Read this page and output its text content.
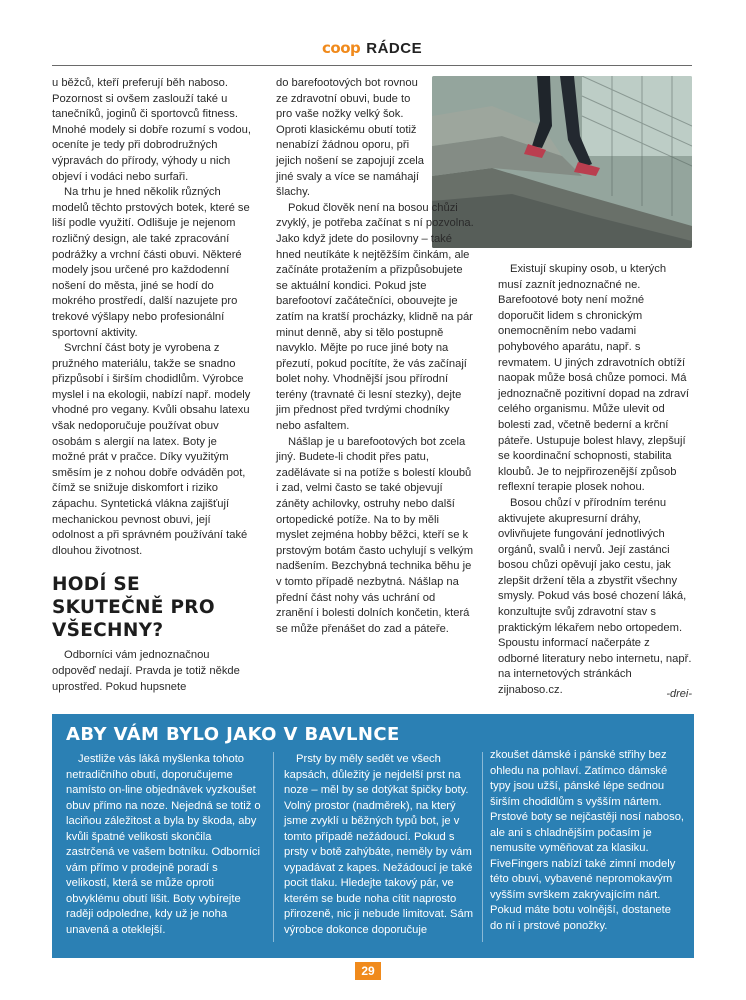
coop RÁDCE

u běžců, kteří preferují běh naboso. Pozornost si ovšem zaslouží také u tanečníků, joginů či sportovců fitness. Mnohé modely si dobře rozumí s vodou, oceníte je tedy při dobrodružných výpravách do přírody, výhody u nich objeví i vodáci nebo surfaři.

Na trhu je hned několik různých modelů těchto prstových botek, které se liší podle využití. Odlišuje je nejenom rozličný design, ale také zpracování podrážky a vrchní části obuvi. Některé modely jsou určené pro každodenní nošení do města, jiné se hodí do mokrého prostředí, další nazujete pro trekové výšlapy nebo profesionální sportovní aktivity.

Svrchní část boty je vyrobena z pružného materiálu, takže se snadno přizpůsobí i širším chodidlům. Výrobce myslel i na ekologii, nabízí např. modely vhodné pro vegany. Kvůli obsahu latexu však nedoporučuje používat obuv osobám s alergií na latex. Boty je možné prát v pračce. Díky využitým směsím je z nohou dobře odváděn pot, čímž se snižuje diskomfort i riziko zápachu. Syntetická vlákna zajišťují mechanickou pevnost obuvi, její odolnost a při správném používání také dlouhou životnost.

HODÍ SE SKUTEČNĚ PRO VŠECHNY?

Odborníci vám jednoznačnou odpověď nedají. Pravda je totiž někde uprostřed. Pokud hupsnete

do barefootových bot rovnou ze zdravotní obuvi, bude to pro vaše nožky velký šok. Oproti klasickému obutí totiž nenabízí žádnou oporu, při jejich nošení se zapojují zcela jiné svaly a více se namáhají šlachy.

Pokud člověk není na bosou chůzi zvyklý, je potřeba začínat s ní pozvolna. Jako když jdete do posilovny – také hned neutíkáte k nejtěžším činkám, ale začínáte protažením a přizpůsobujete se aktuální kondici. Pokud jste barefootoví začátečníci, obouvejte je zatím na kratší procházky, klidně na pár minut denně, aby si tělo postupně navyklo. Mějte po ruce jiné boty na přezutí, pokud pocítíte, že vás začínají bolet nohy. Vhodnější jsou přírodní terény (travnaté či lesní stezky), dejte jim přednost před tvrdými chodníky nebo asfaltem.

Nášlap je u barefootových bot zcela jiný. Budete-li chodit přes patu, zadělávate si na potíže s bolestí kloubů i zad, velmi často se také objevují záněty achilovky, ostruhy nebo další ortopedické potíže. Na to by měli myslet zejména hobby běžci, kteří se k prstovým botám často uchylují s velkým nadšením. Bezchybná technika běhu je v tomto případě nezbytná. Nášlap na přední část nohy vás uchrání od zranění i bolesti dolních končetin, která se může přenášet do zad a páteře.

Existují skupiny osob, u kterých musí zaznít jednoznačné ne. Barefootové boty není možné doporučit lidem s chronickým onemocněním nebo vadami pohybového aparátu, např. s revmatem. U jiných zdravotních obtíží naopak může bosá chůze pomoci. Má jednoznačně pozitivní dopad na zdraví celého organismu. Může ulevit od bolesti zad, včetně bederní a krční páteře. Ustupuje bolest hlavy, zlepšují se koordinační schopnosti, stabilita kloubů. Je to nejpřirozenější způsob reflexní terapie plosek nohou.

Bosou chůzí v přírodním terénu aktivujete akupresurní dráhy, ovlivňujete fungování jednotlivých orgánů, svalů i nervů. Její zastánci bosou chůzi opěvují jako cestu, jak zlepšit držení těla a zbystřit všechny smysly. Pokud vás bosé chození láká, konzultujte svůj zdravotní stav s praktickým lékařem nebo ortopedem. Spoustu informací načerpáte z odborné literatury nebo internetu, např. na internetových stránkách zijnaboso.cz.	-drei-
ABY VÁM BYLO JAKO V BAVLNCE

Jestliže vás láká myšlenka tohoto netradičního obutí, doporučujeme namísto on-line objednávek vyzkoušet obuv přímo na noze. Nejedná se totiž o laciňou záležitost a byla by škoda, aby kvůli špatné velikosti skončila zastrčená ve vašem botníku. Odborníci vám přímo v prodejně poradí s velikostí, která se může oproti obvyklému obutí lišit. Boty vybírejte raději odpoledne, kdy už je noha unavená a oteklejší.

Prsty by měly sedět ve všech kapsách, důležitý je nejdelší prst na noze – měl by se dotýkat špičky boty. Volný prostor (nadměrek), na který jsme zvyklí u běžných typů bot, je v tomto případě nežádoucí. Pokud s prsty v botě zahýbáte, neměly by vám vypadávat z kapes. Nežádoucí je také pocit tlaku. Hledejte takový pár, ve kterém se bude noha cítit naprosto přirozeně, nic ji nebude limitovat. Sám výrobce dokonce doporučuje

zkoušet dámské i pánské střihy bez ohledu na pohlaví. Zatímco dámské typy jsou užší, pánské lépe sednou širším chodidlům s vyšším nártem. Prstové boty se nejčastěji nosí naboso, ale ani s chladnějším počasím je nemusíte vyměňovat za klasiku. FiveFingers nabízí také zimní modely této obuvi, vybavené nepromokavým vyšším svrškem zakrývajícím nárt. Pokud máte botu volnější, dostanete do ní i prstové ponožky.

29
